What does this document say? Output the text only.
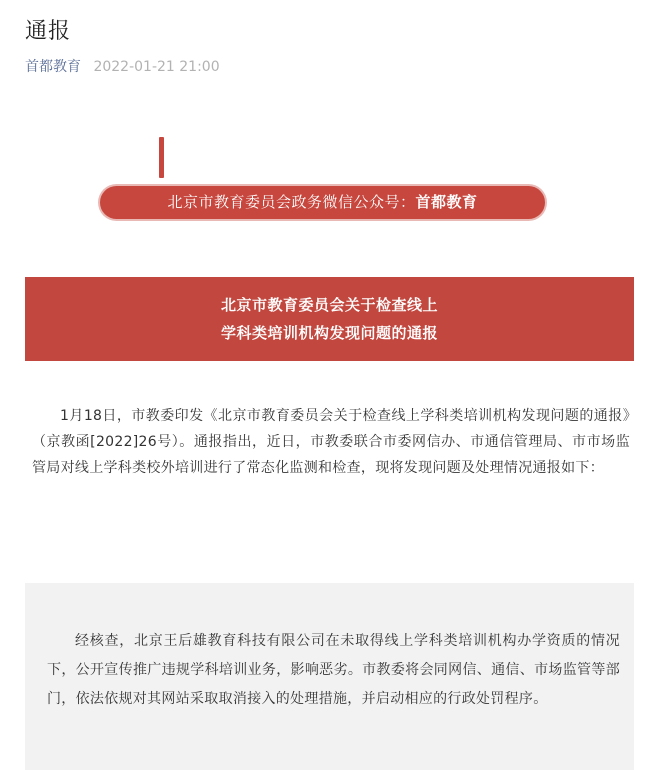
通报
首都教育 2022-01-21 21:00
北京市教育委员会政务微信公众号：首都教育
北京市教育委员会关于检查线上
学科类培训机构发现问题的通报
1月18日，市教委印发《北京市教育委员会关于检查线上学科类培训机构发现问题的通报》（京教函[2022]26号）。通报指出，近日，市教委联合市委网信办、市通信管理局、市市场监管局对线上学科类校外培训进行了常态化监测和检查，现将发现问题及处理情况通报如下：
经核查，北京王后雄教育科技有限公司在未取得线上学科类培训机构办学资质的情况下，公开宣传推广违规学科培训业务，影响恶劣。市教委将会同网信、通信、市场监管等部门，依法依规对其网站采取取消接入的处理措施，并启动相应的行政处罚程序。
